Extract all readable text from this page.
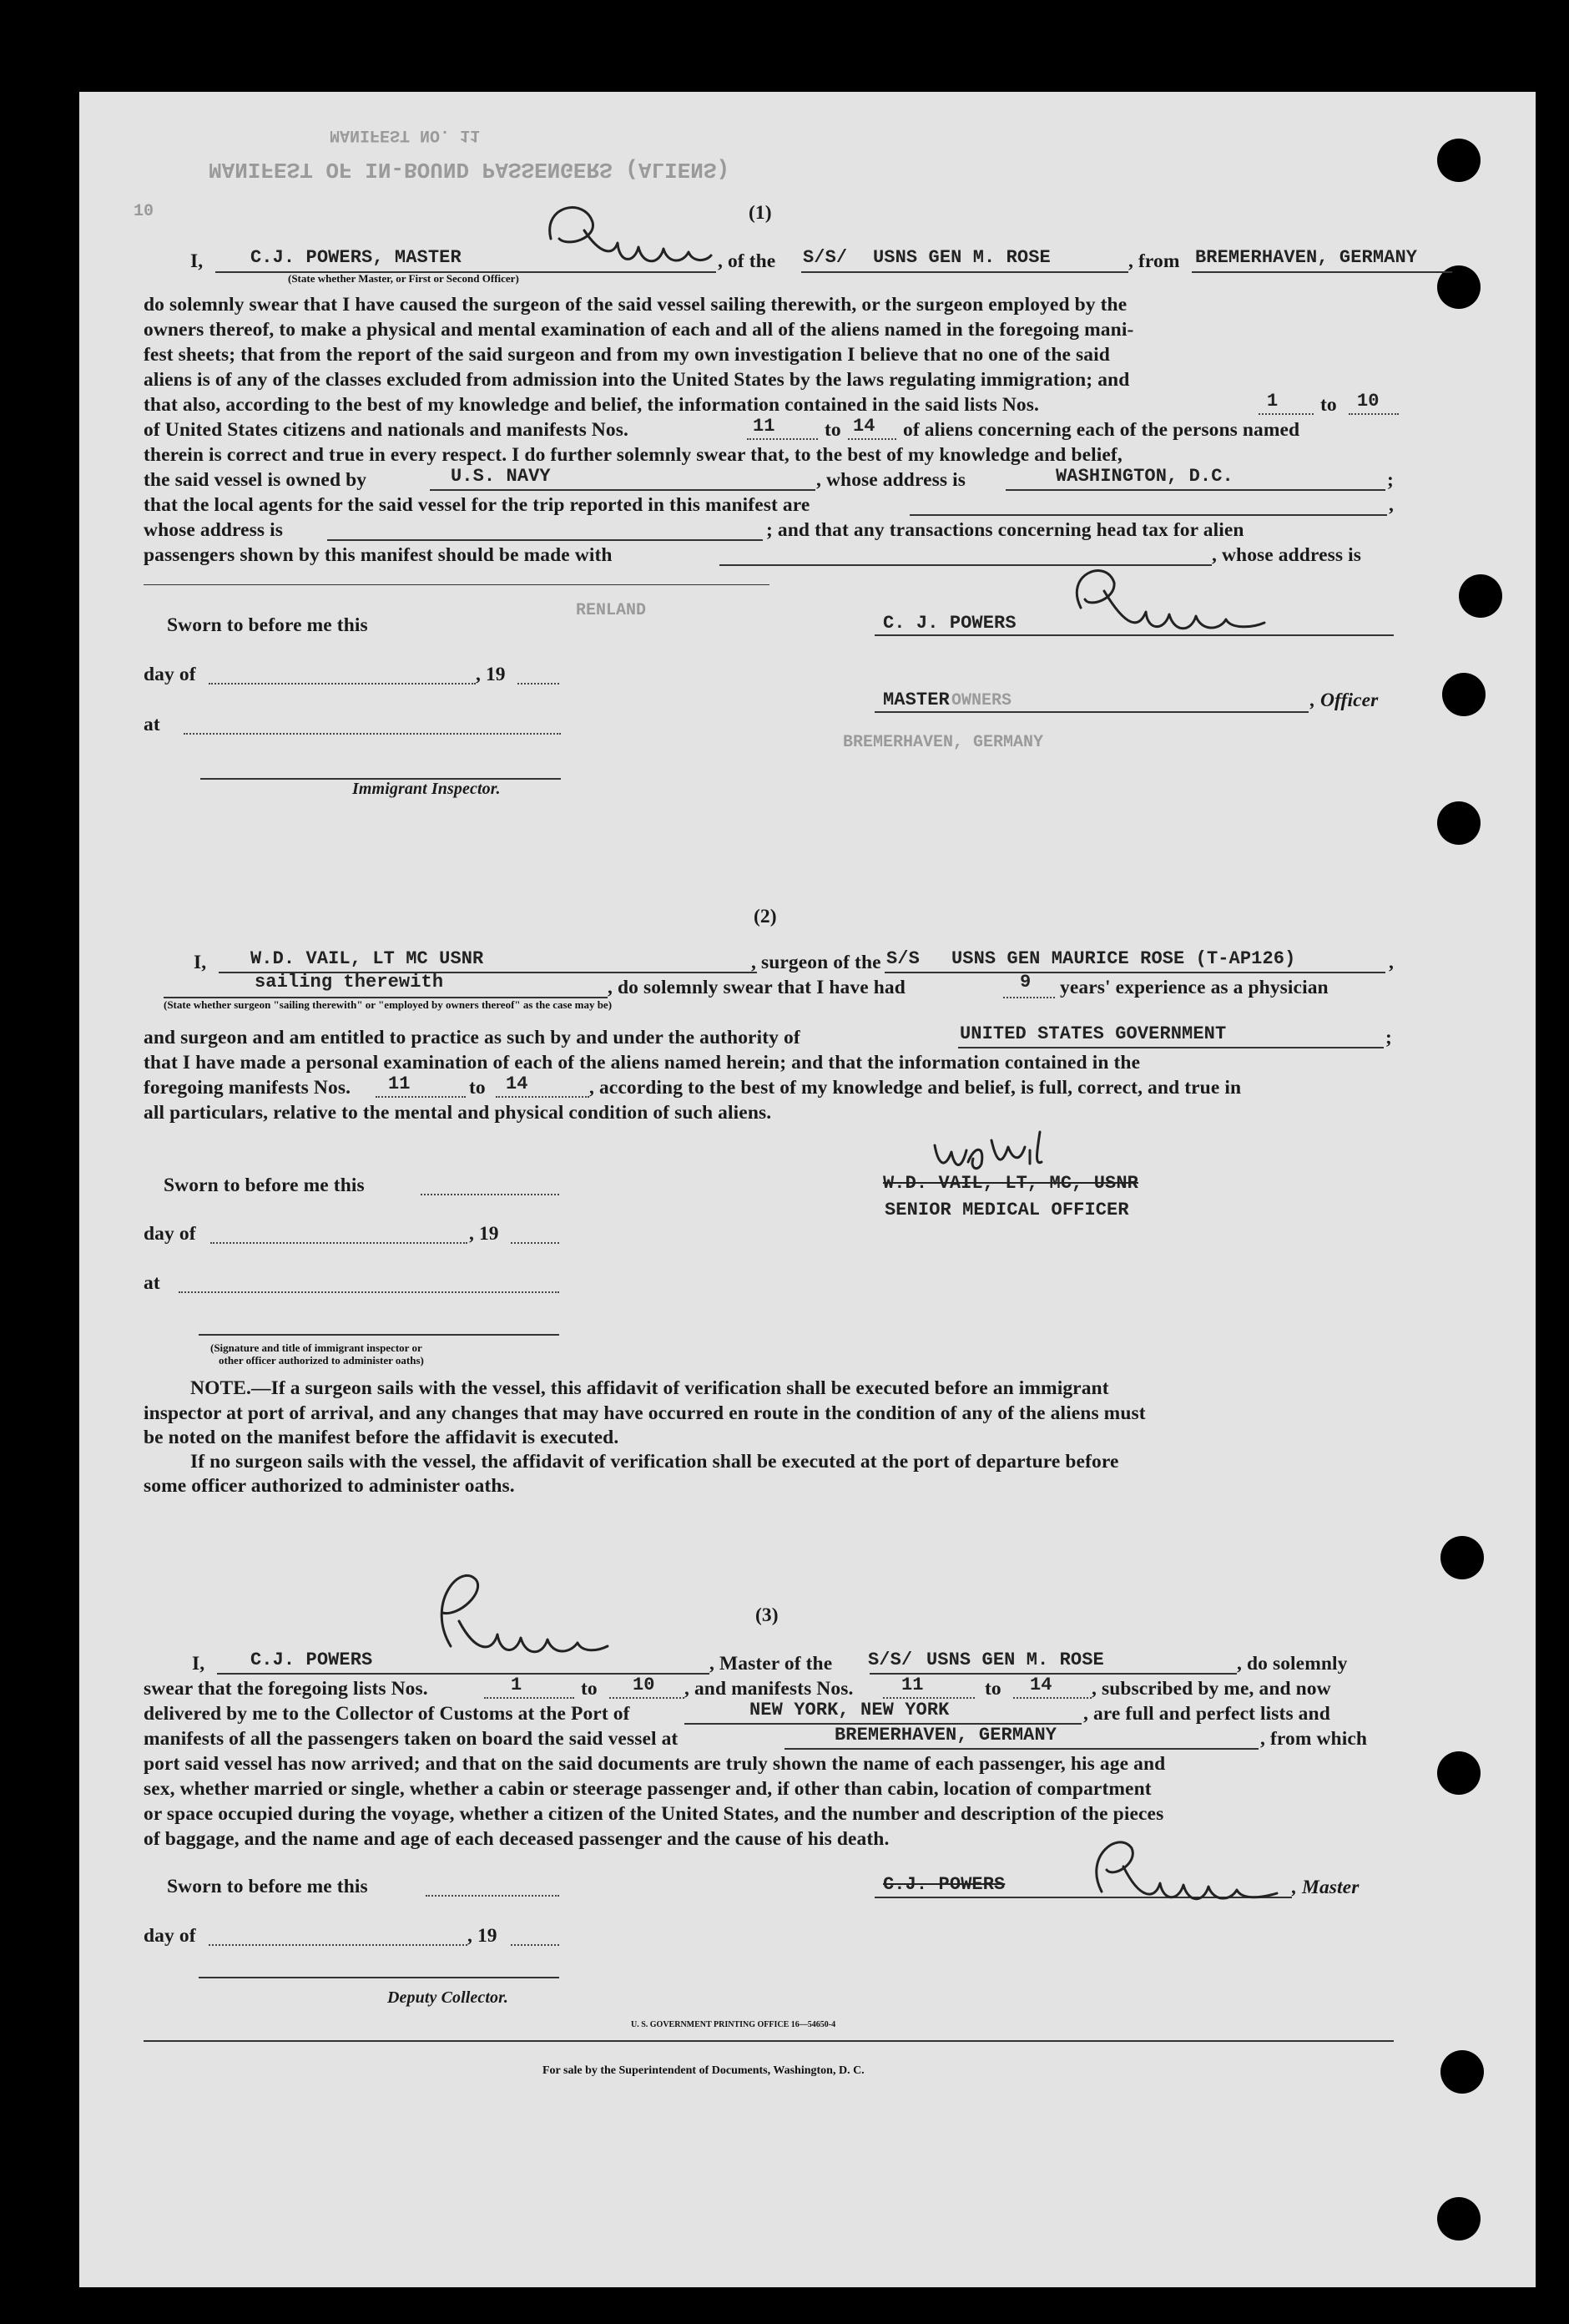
MANIFEST NO. 11
MANIFEST OF IN-BOUND PASSENGERS (ALIENS)
RENLAND
BREMERHAVEN, GERMANY
10
OWNERS
(1)
I,	C.J. POWERS, MASTER	, of the S/S/ USNS GEN M. ROSE	, from BREMERHAVEN, GERMANY
(State whether Master, or First or Second Officer)
do solemnly swear that I have caused the surgeon of the said vessel sailing therewith, or the surgeon employed by the
owners thereof, to make a physical and mental examination of each and all of the aliens named in the foregoing mani-
fest sheets; that from the report of the said surgeon and from my own investigation I believe that no one of the said
aliens is of any of the classes excluded from admission into the United States by the laws regulating immigration; and
that also, according to the best of my knowledge and belief, the information contained in the said lists Nos.	1 to 10
of United States citizens and nationals and manifests Nos.	11	to 14 of aliens concerning each of the persons named
therein is correct and true in every respect. I do further solemnly swear that, to the best of my knowledge and belief,
the said vessel is owned by	U.S. NAVY	, whose address is	WASHINGTON, D.C.	;
that the local agents for the said vessel for the trip reported in this manifest are	,
whose address is	; and that any transactions concerning head tax for alien
passengers shown by this manifest should be made with	, whose address is
Sworn to before me this	C. J. POWERS
day of	, 19
MASTER	, Officer
at
Immigrant Inspector.
(2)
I, W.D. VAIL, LT MC USNR	, surgeon of the S/S USNS GEN MAURICE ROSE (T-AP126)	,
sailing therewith	, do solemnly swear that I have had	9 years' experience as a physician
(State whether surgeon "sailing therewith" or "employed by owners thereof" as the case may be)
and surgeon and am entitled to practice as such by and under the authority of	UNITED STATES GOVERNMENT	;
that I have made a personal examination of each of the aliens named herein; and that the information contained in the
foregoing manifests Nos. 11	to 14	, according to the best of my knowledge and belief, is full, correct, and true in
all particulars, relative to the mental and physical condition of such aliens.
Sworn to before me this	W.D. VAIL, LT, MC, USNR
SENIOR MEDICAL OFFICER
day of	, 19
at
(Signature and title of immigrant inspector or
other officer authorized to administer oaths)
NOTE.—If a surgeon sails with the vessel, this affidavit of verification shall be executed before an immigrant
inspector at port of arrival, and any changes that may have occurred en route in the condition of any of the aliens must
be noted on the manifest before the affidavit is executed.
If no surgeon sails with the vessel, the affidavit of verification shall be executed at the port of departure before
some officer authorized to administer oaths.
(3)
I, C.J. POWERS	, Master of the S/S/ USNS GEN M. ROSE	, do solemnly
swear that the foregoing lists Nos.	1	to 10 , and manifests Nos.	11	to 14 , subscribed by me, and now
delivered by me to the Collector of Customs at the Port of	NEW YORK, NEW YORK	, are full and perfect lists and
manifests of all the passengers taken on board the said vessel at	BREMERHAVEN, GERMANY	, from which
port said vessel has now arrived; and that on the said documents are truly shown the name of each passenger, his age and
sex, whether married or single, whether a cabin or steerage passenger and, if other than cabin, location of compartment
or space occupied during the voyage, whether a citizen of the United States, and the number and description of the pieces
of baggage, and the name and age of each deceased passenger and the cause of his death.
Sworn to before me this	C.J. POWERS	, Master
day of	, 19
Deputy Collector.
U. S. GOVERNMENT PRINTING OFFICE 16—54650-4
For sale by the Superintendent of Documents, Washington, D. C.
